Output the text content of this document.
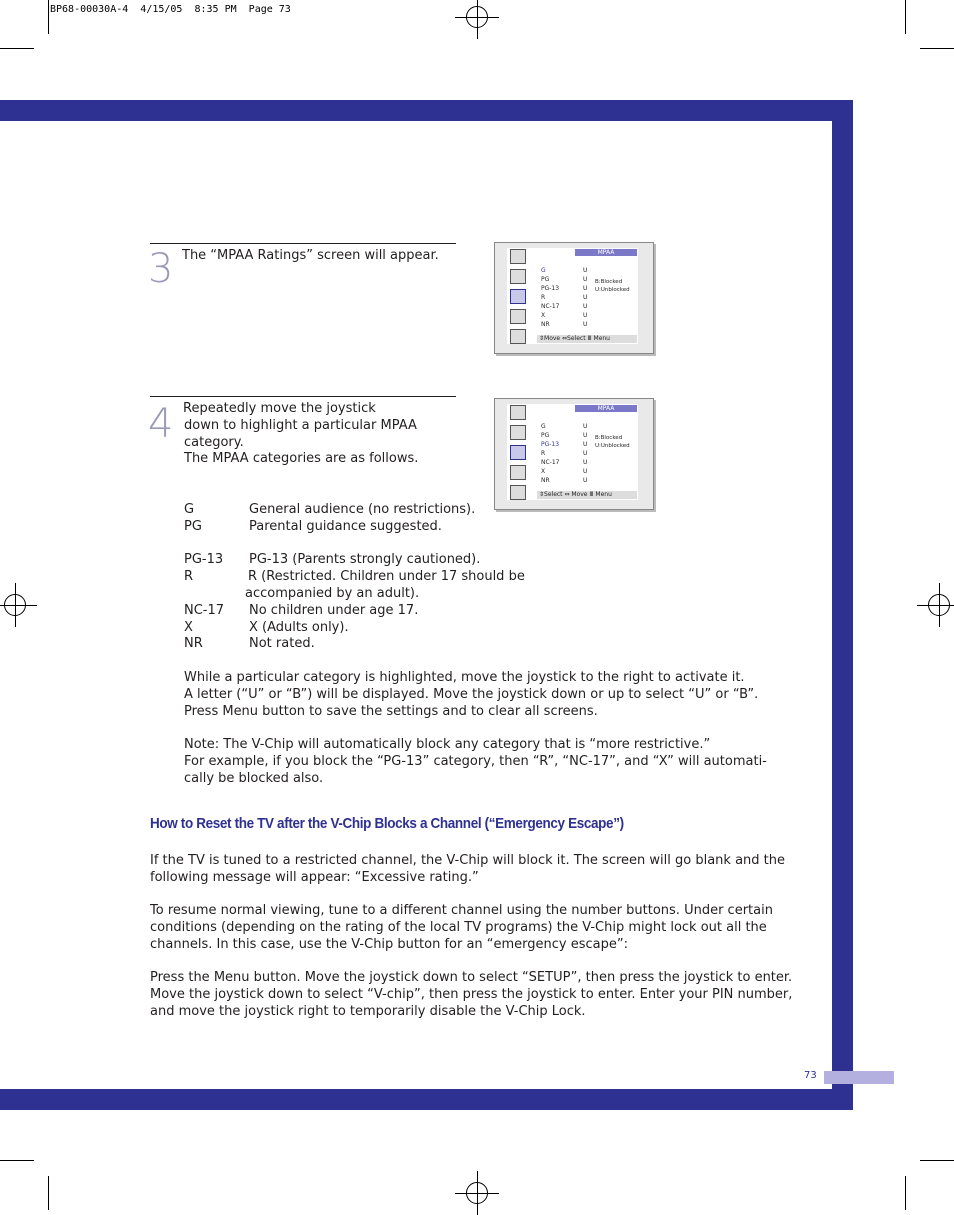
BP68-00030A-4  4/15/05  8:35 PM  Page 73
3 The “MPAA Ratings” screen will appear.	MPAA
G	U
PG	U
PG-13	U
R	U
NC-17	U
X	U
NR	U
B:Blocked
U:Unblocked
⇕Move ⇔Select Ⅲ Menu
4 Repeatedly move the joystick
down to highlight a particular MPAA
category.
The MPAA categories are as follows.
MPAA
G	U
PG	U
PG-13	U
R	U
NC-17	U
X	U
NR	U
B:Blocked
U:Unblocked
⇕Select ⇔ Move Ⅲ Menu
G	General audience (no restrictions).
PG	Parental guidance suggested.
PG-13 PG-13 (Parents strongly cautioned).
R	R (Restricted. Children under 17 should be
accompanied by an adult).
NC-17 No children under age 17.
X	X (Adults only).
NR	Not rated.
While a particular category is highlighted, move the joystick to the right to activate it.
A letter (“U” or “B”) will be displayed. Move the joystick down or up to select “U” or “B”.
Press Menu button to save the settings and to clear all screens.
Note: The V-Chip will automatically block any category that is “more restrictive.”
For example, if you block the “PG-13” category, then “R”, “NC-17”, and “X” will automati-
cally be blocked also.
How to Reset the TV after the V-Chip Blocks a Channel (“Emergency Escape”)
If the TV is tuned to a restricted channel, the V-Chip will block it. The screen will go blank and the
following message will appear: “Excessive rating.”
To resume normal viewing, tune to a different channel using the number buttons. Under certain
conditions (depending on the rating of the local TV programs) the V-Chip might lock out all the
channels. In this case, use the V-Chip button for an “emergency escape”:
Press the Menu button. Move the joystick down to select “SETUP”, then press the joystick to enter.
Move the joystick down to select “V-chip”, then press the joystick to enter. Enter your PIN number,
and move the joystick right to temporarily disable the V-Chip Lock.
73
